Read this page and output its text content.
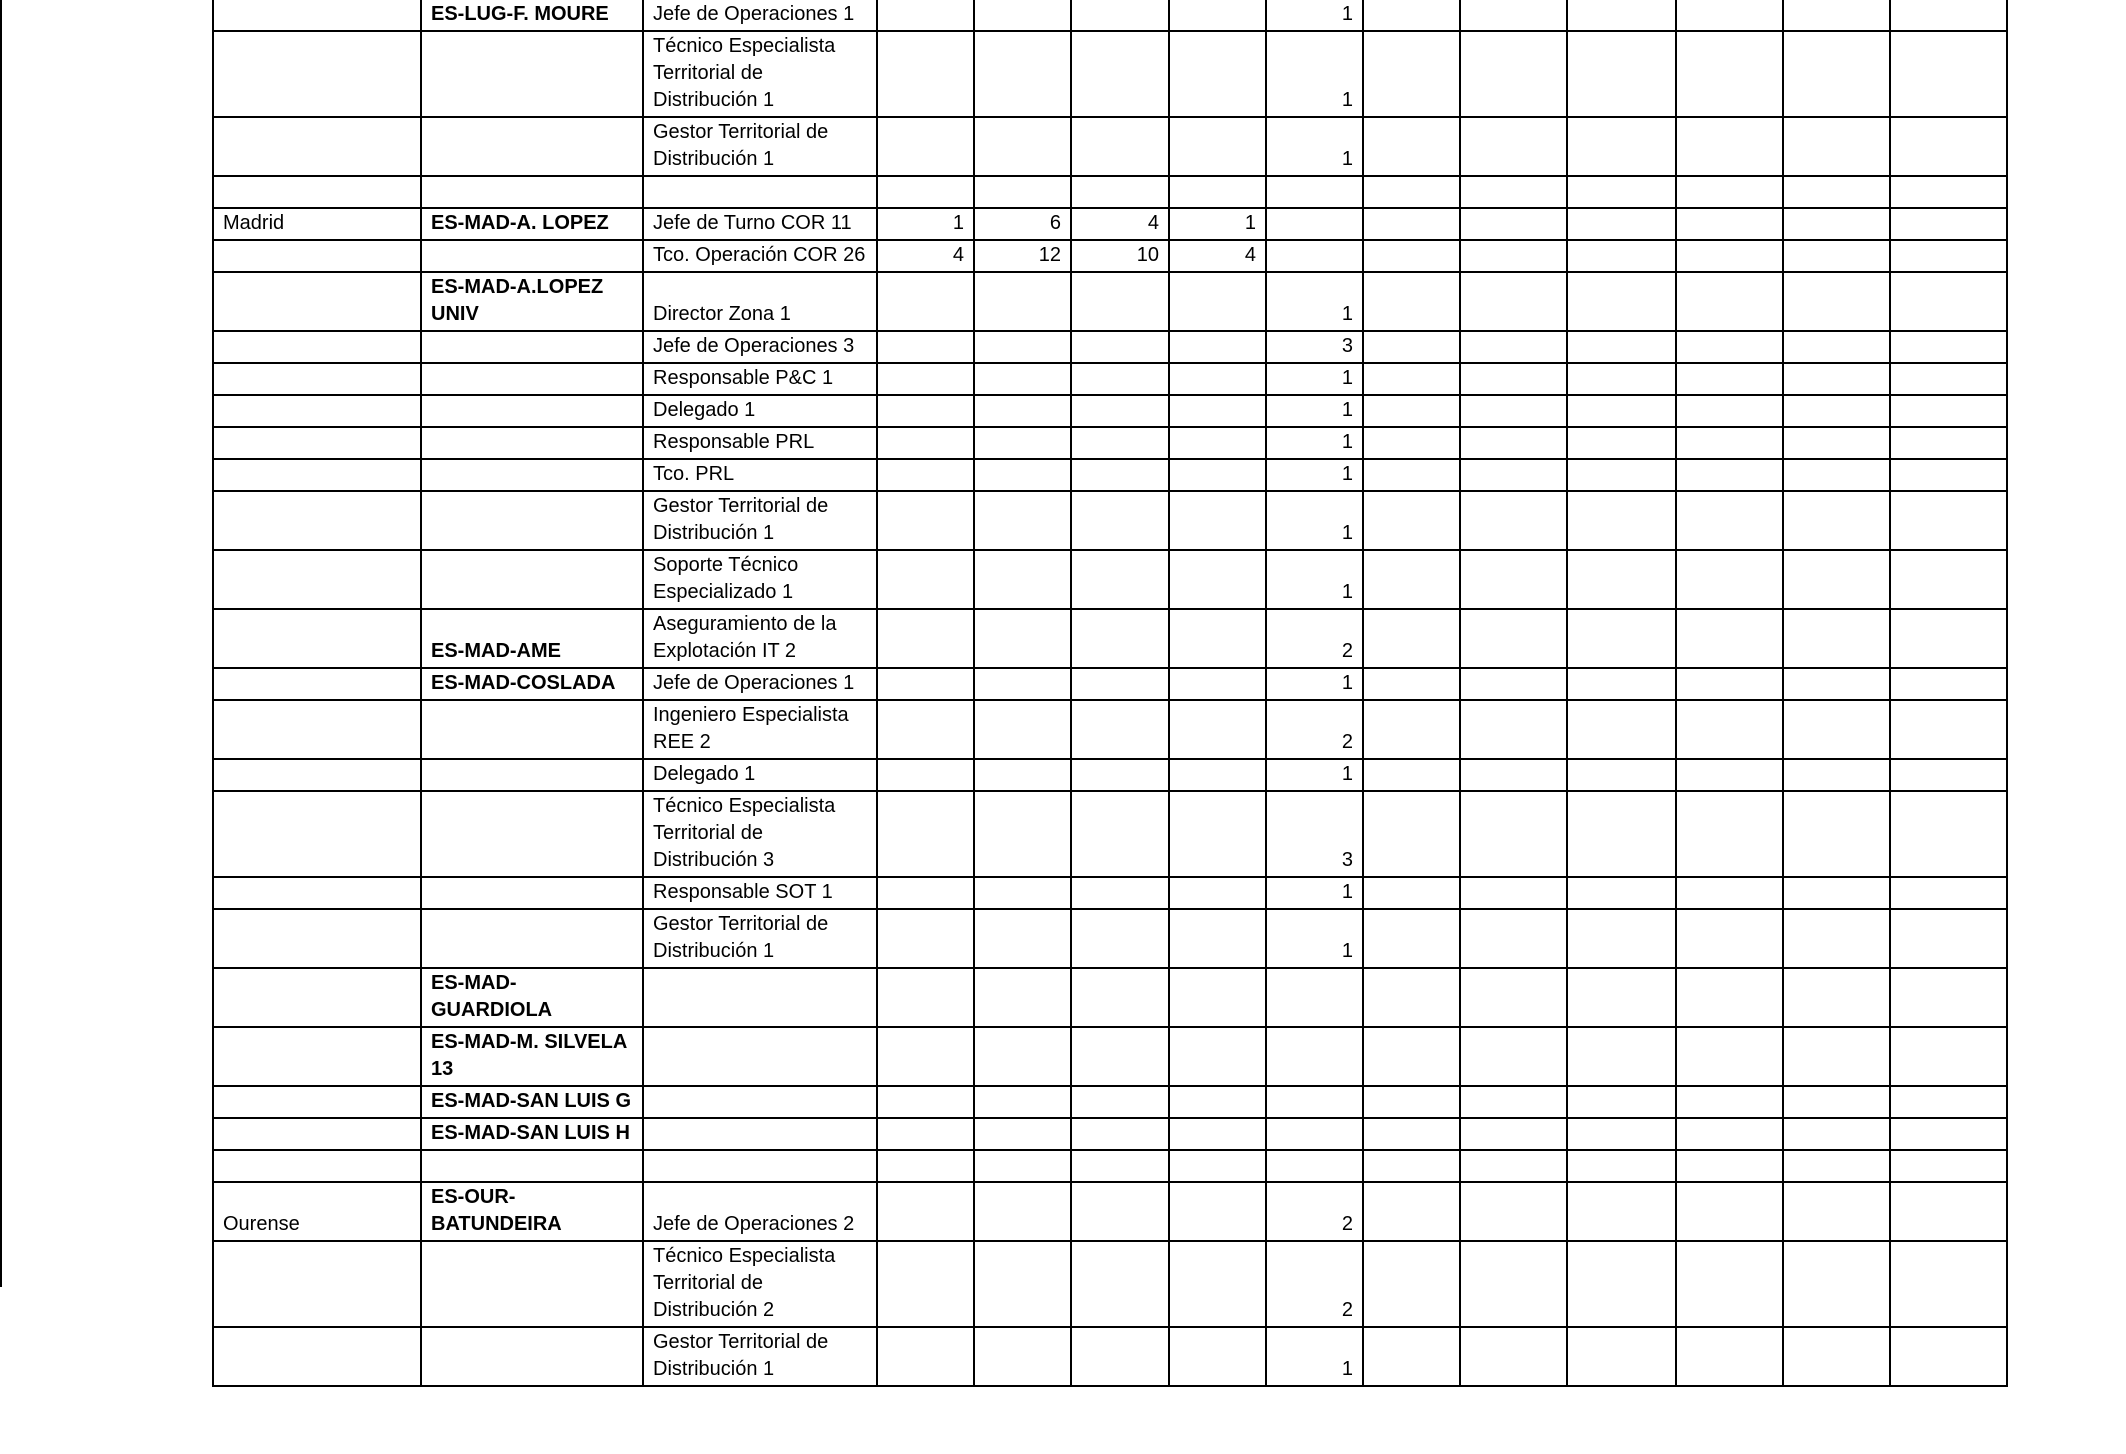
	ES-LUG-F. MOURE	Jefe de Operaciones 1					1						
		Técnico Especialista Territorial de Distribución 1					1						
		Gestor Territorial de Distribución 1					1						

Madrid	ES-MAD-A. LOPEZ	Jefe de Turno COR 11	1	6	4	1							
		Tco. Operación COR 26	4	12	10	4							
	ES-MAD-A.LOPEZ UNIV	Director Zona 1					1						
		Jefe de Operaciones 3					3						
		Responsable P&C 1					1						
		Delegado 1					1						
		Responsable PRL					1						
		Tco. PRL					1						
		Gestor Territorial de Distribución 1					1						
		Soporte Técnico Especializado 1					1						
	ES-MAD-AME	Aseguramiento de la Explotación IT 2					2						
	ES-MAD-COSLADA	Jefe de Operaciones 1					1						
		Ingeniero Especialista REE 2					2						
		Delegado 1					1						
		Técnico Especialista Territorial de Distribución 3					3						
		Responsable SOT 1					1						
		Gestor Territorial de Distribución 1					1						
	ES-MAD-GUARDIOLA												
	ES-MAD-M. SILVELA 13												
	ES-MAD-SAN LUIS G												
	ES-MAD-SAN LUIS H												

Ourense	ES-OUR-BATUNDEIRA	Jefe de Operaciones 2					2						
		Técnico Especialista Territorial de Distribución 2					2						
		Gestor Territorial de Distribución 1					1						
